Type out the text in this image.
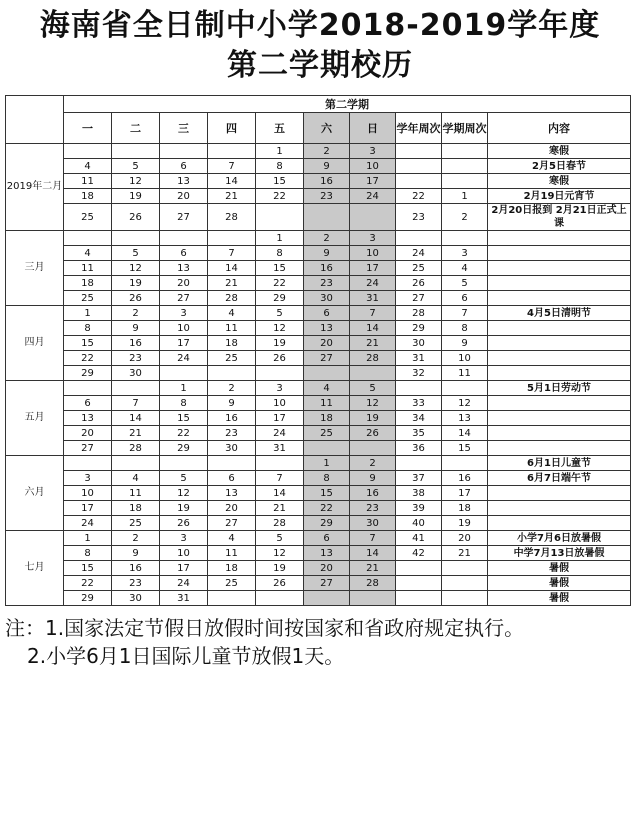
海南省全日制中小学2018-2019学年度
第二学期校历
	第二学期									
	一	二	三	四	五	六	日	学年周次	学期周次	内容
2019年二月					1	2	3			寒假
	4	5	6	7	8	9	10			2月5日春节
	11	12	13	14	15	16	17			寒假
	18	19	20	21	22	23	24	22	1	2月19日元宵节
	25	26	27	28				23	2	2月20日报到 2月21日正式上课
三月					1	2	3			
	4	5	6	7	8	9	10	24	3	
	11	12	13	14	15	16	17	25	4	
	18	19	20	21	22	23	24	26	5	
	25	26	27	28	29	30	31	27	6	
四月	1	2	3	4	5	6	7	28	7	4月5日清明节
	8	9	10	11	12	13	14	29	8	
	15	16	17	18	19	20	21	30	9	
	22	23	24	25	26	27	28	31	10	
	29	30						32	11	
五月			1	2	3	4	5			5月1日劳动节
	6	7	8	9	10	11	12	33	12	
	13	14	15	16	17	18	19	34	13	
	20	21	22	23	24	25	26	35	14	
	27	28	29	30	31			36	15	
六月						1	2			6月1日儿童节
	3	4	5	6	7	8	9	37	16	6月7日端午节
	10	11	12	13	14	15	16	38	17	
	17	18	19	20	21	22	23	39	18	
	24	25	26	27	28	29	30	40	19	
七月	1	2	3	4	5	6	7	41	20	小学7月6日放暑假
	8	9	10	11	12	13	14	42	21	中学7月13日放暑假
	15	16	17	18	19	20	21			暑假
	22	23	24	25	26	27	28			暑假
	29	30	31							暑假
注：1.国家法定节假日放假时间按国家和省政府规定执行。
2.小学6月1日国际儿童节放假1天。
